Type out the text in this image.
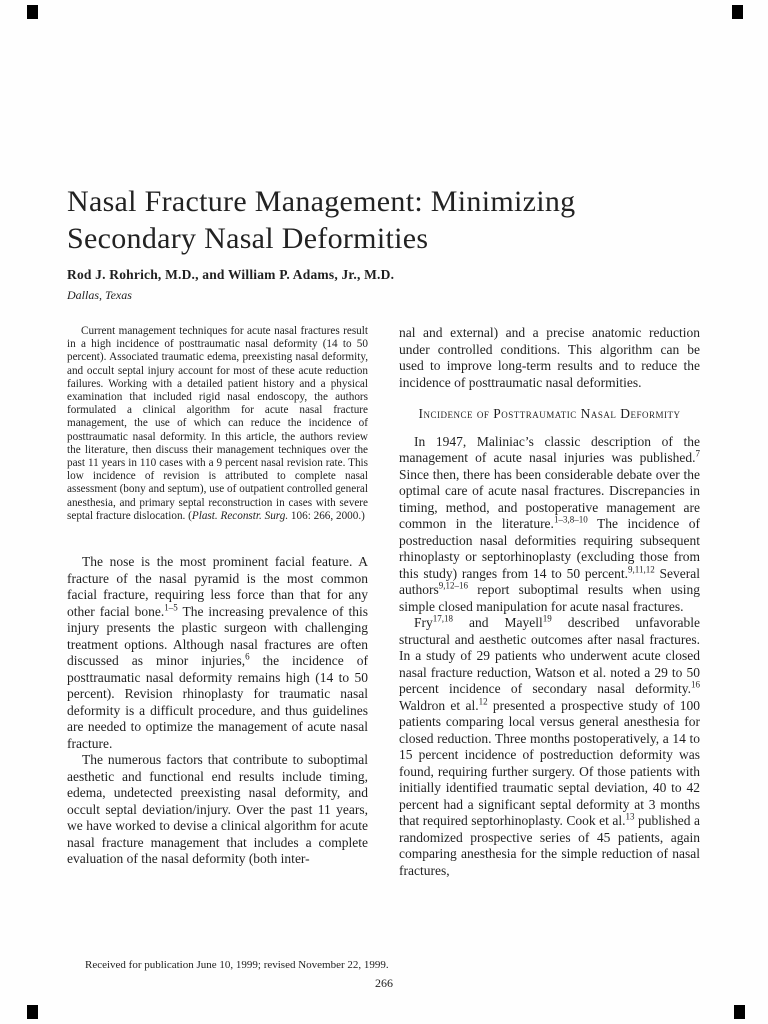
Nasal Fracture Management: Minimizing Secondary Nasal Deformities

Rod J. Rohrich, M.D., and William P. Adams, Jr., M.D.

Dallas, Texas

Current management techniques for acute nasal fractures result in a high incidence of posttraumatic nasal deformity (14 to 50 percent). Associated traumatic edema, preexisting nasal deformity, and occult septal injury account for most of these acute reduction failures. Working with a detailed patient history and a physical examination that included rigid nasal endoscopy, the authors formulated a clinical algorithm for acute nasal fracture management, the use of which can reduce the incidence of posttraumatic nasal deformity. In this article, the authors review the literature, then discuss their management techniques over the past 11 years in 110 cases with a 9 percent nasal revision rate. This low incidence of revision is attributed to complete nasal assessment (bony and septum), use of outpatient controlled general anesthesia, and primary septal reconstruction in cases with severe septal fracture dislocation. (Plast. Reconstr. Surg. 106: 266, 2000.)

The nose is the most prominent facial feature. A fracture of the nasal pyramid is the most common facial fracture, requiring less force than that for any other facial bone.$^{1-5}$ The increasing prevalence of this injury presents the plastic surgeon with challenging treatment options. Although nasal fractures are often discussed as minor injuries,$^6$ the incidence of posttraumatic nasal deformity remains high (14 to 50 percent). Revision rhinoplasty for traumatic nasal deformity is a difficult procedure, and thus guidelines are needed to optimize the management of acute nasal fracture.

The numerous factors that contribute to suboptimal aesthetic and functional end results include timing, edema, undetected preexisting nasal deformity, and occult septal deviation/injury. Over the past 11 years, we have worked to devise a clinical algorithm for acute nasal fracture management that includes a complete evaluation of the nasal deformity (both inter-

nal and external) and a precise anatomic reduction under controlled conditions. This algorithm can be used to improve long-term results and to reduce the incidence of posttraumatic nasal deformities.

Incidence of Posttraumatic Nasal Deformity

In 1947, Maliniac’s classic description of the management of acute nasal injuries was published.$^7$ Since then, there has been considerable debate over the optimal care of acute nasal fractures. Discrepancies in timing, method, and postoperative management are common in the literature.$^{1-3,8-10}$ The incidence of postreduction nasal deformities requiring subsequent rhinoplasty or septorhinoplasty (excluding those from this study) ranges from 14 to 50 percent.$^{9,11,12}$ Several authors$^{9,12-16}$ report suboptimal results when using simple closed manipulation for acute nasal fractures.

Fry$^{17,18}$ and Mayell$^{19}$ described unfavorable structural and aesthetic outcomes after nasal fractures. In a study of 29 patients who underwent acute closed nasal fracture reduction, Watson et al. noted a 29 to 50 percent incidence of secondary nasal deformity.$^{16}$ Waldron et al.$^{12}$ presented a prospective study of 100 patients comparing local versus general anesthesia for closed reduction. Three months postoperatively, a 14 to 15 percent incidence of postreduction deformity was found, requiring further surgery. Of those patients with initially identified traumatic septal deviation, 40 to 42 percent had a significant septal deformity at 3 months that required septorhinoplasty. Cook et al.$^{13}$ published a randomized prospective series of 45 patients, again comparing anesthesia for the simple reduction of nasal fractures,

Received for publication June 10, 1999; revised November 22, 1999.

266
